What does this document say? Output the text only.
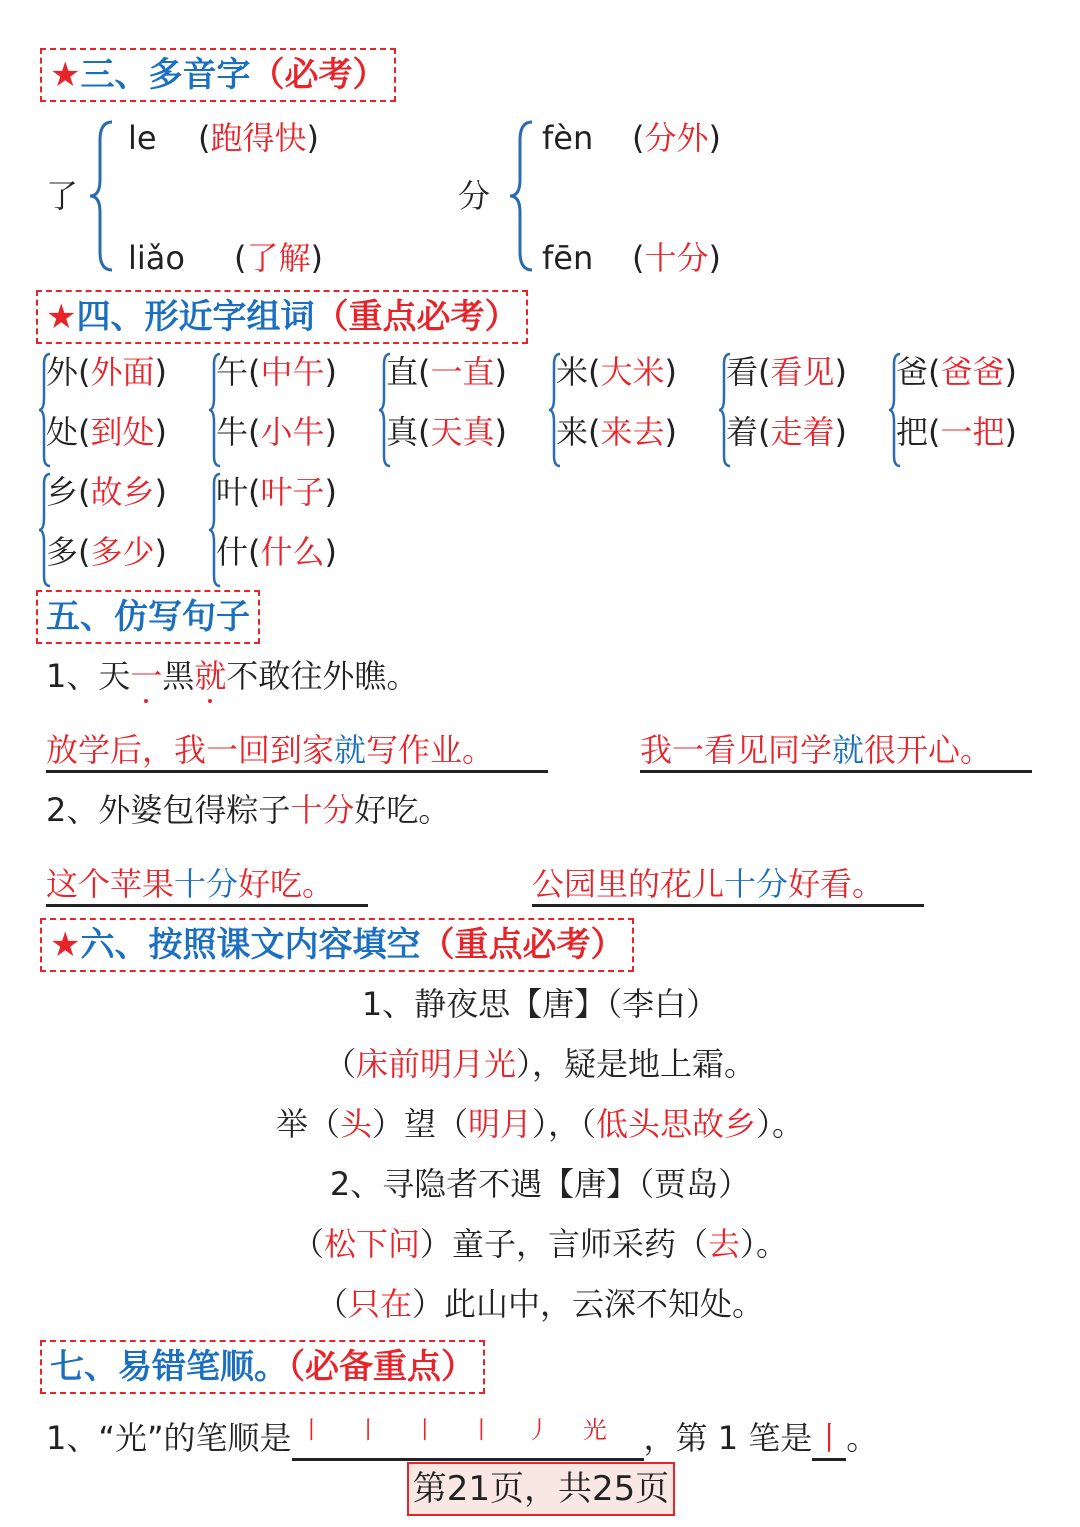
★三、多音字（必考）
了
le (跑得快)
liǎo (了解)
分
fèn (分外)
fēn (十分)
★四、形近字组词（重点必考）
外(外面)
处(到处)
午(中午)
牛(小牛)
直(一直)
真(天真)
米(大米)
来(来去)
看(看见)
着(走着)
爸(爸爸)
把(一把)
乡(故乡)
多(多少)
叶(叶子)
什(什么)
五、仿写句子
1、天一黑就不敢往外瞧。
放学后，我一回到家就写作业。	我一看见同学就很开心。
2、外婆包得粽子十分好吃。
这个苹果十分好吃。	公园里的花儿十分好看。
★六、按照课文内容填空（重点必考）
1、静夜思【唐】（李白）
（床前明月光），疑是地上霜。
举（头）望（明月），（低头思故乡）。
2、寻隐者不遇【唐】（贾岛）
（松下问）童子，言师采药（去）。
（只在）此山中，云深不知处。
七、易错笔顺。（必备重点）
1、“光”的笔顺是 丨 丨 丨 丨 丿 光 ，第 1 笔是丨。
第21页，共25页
